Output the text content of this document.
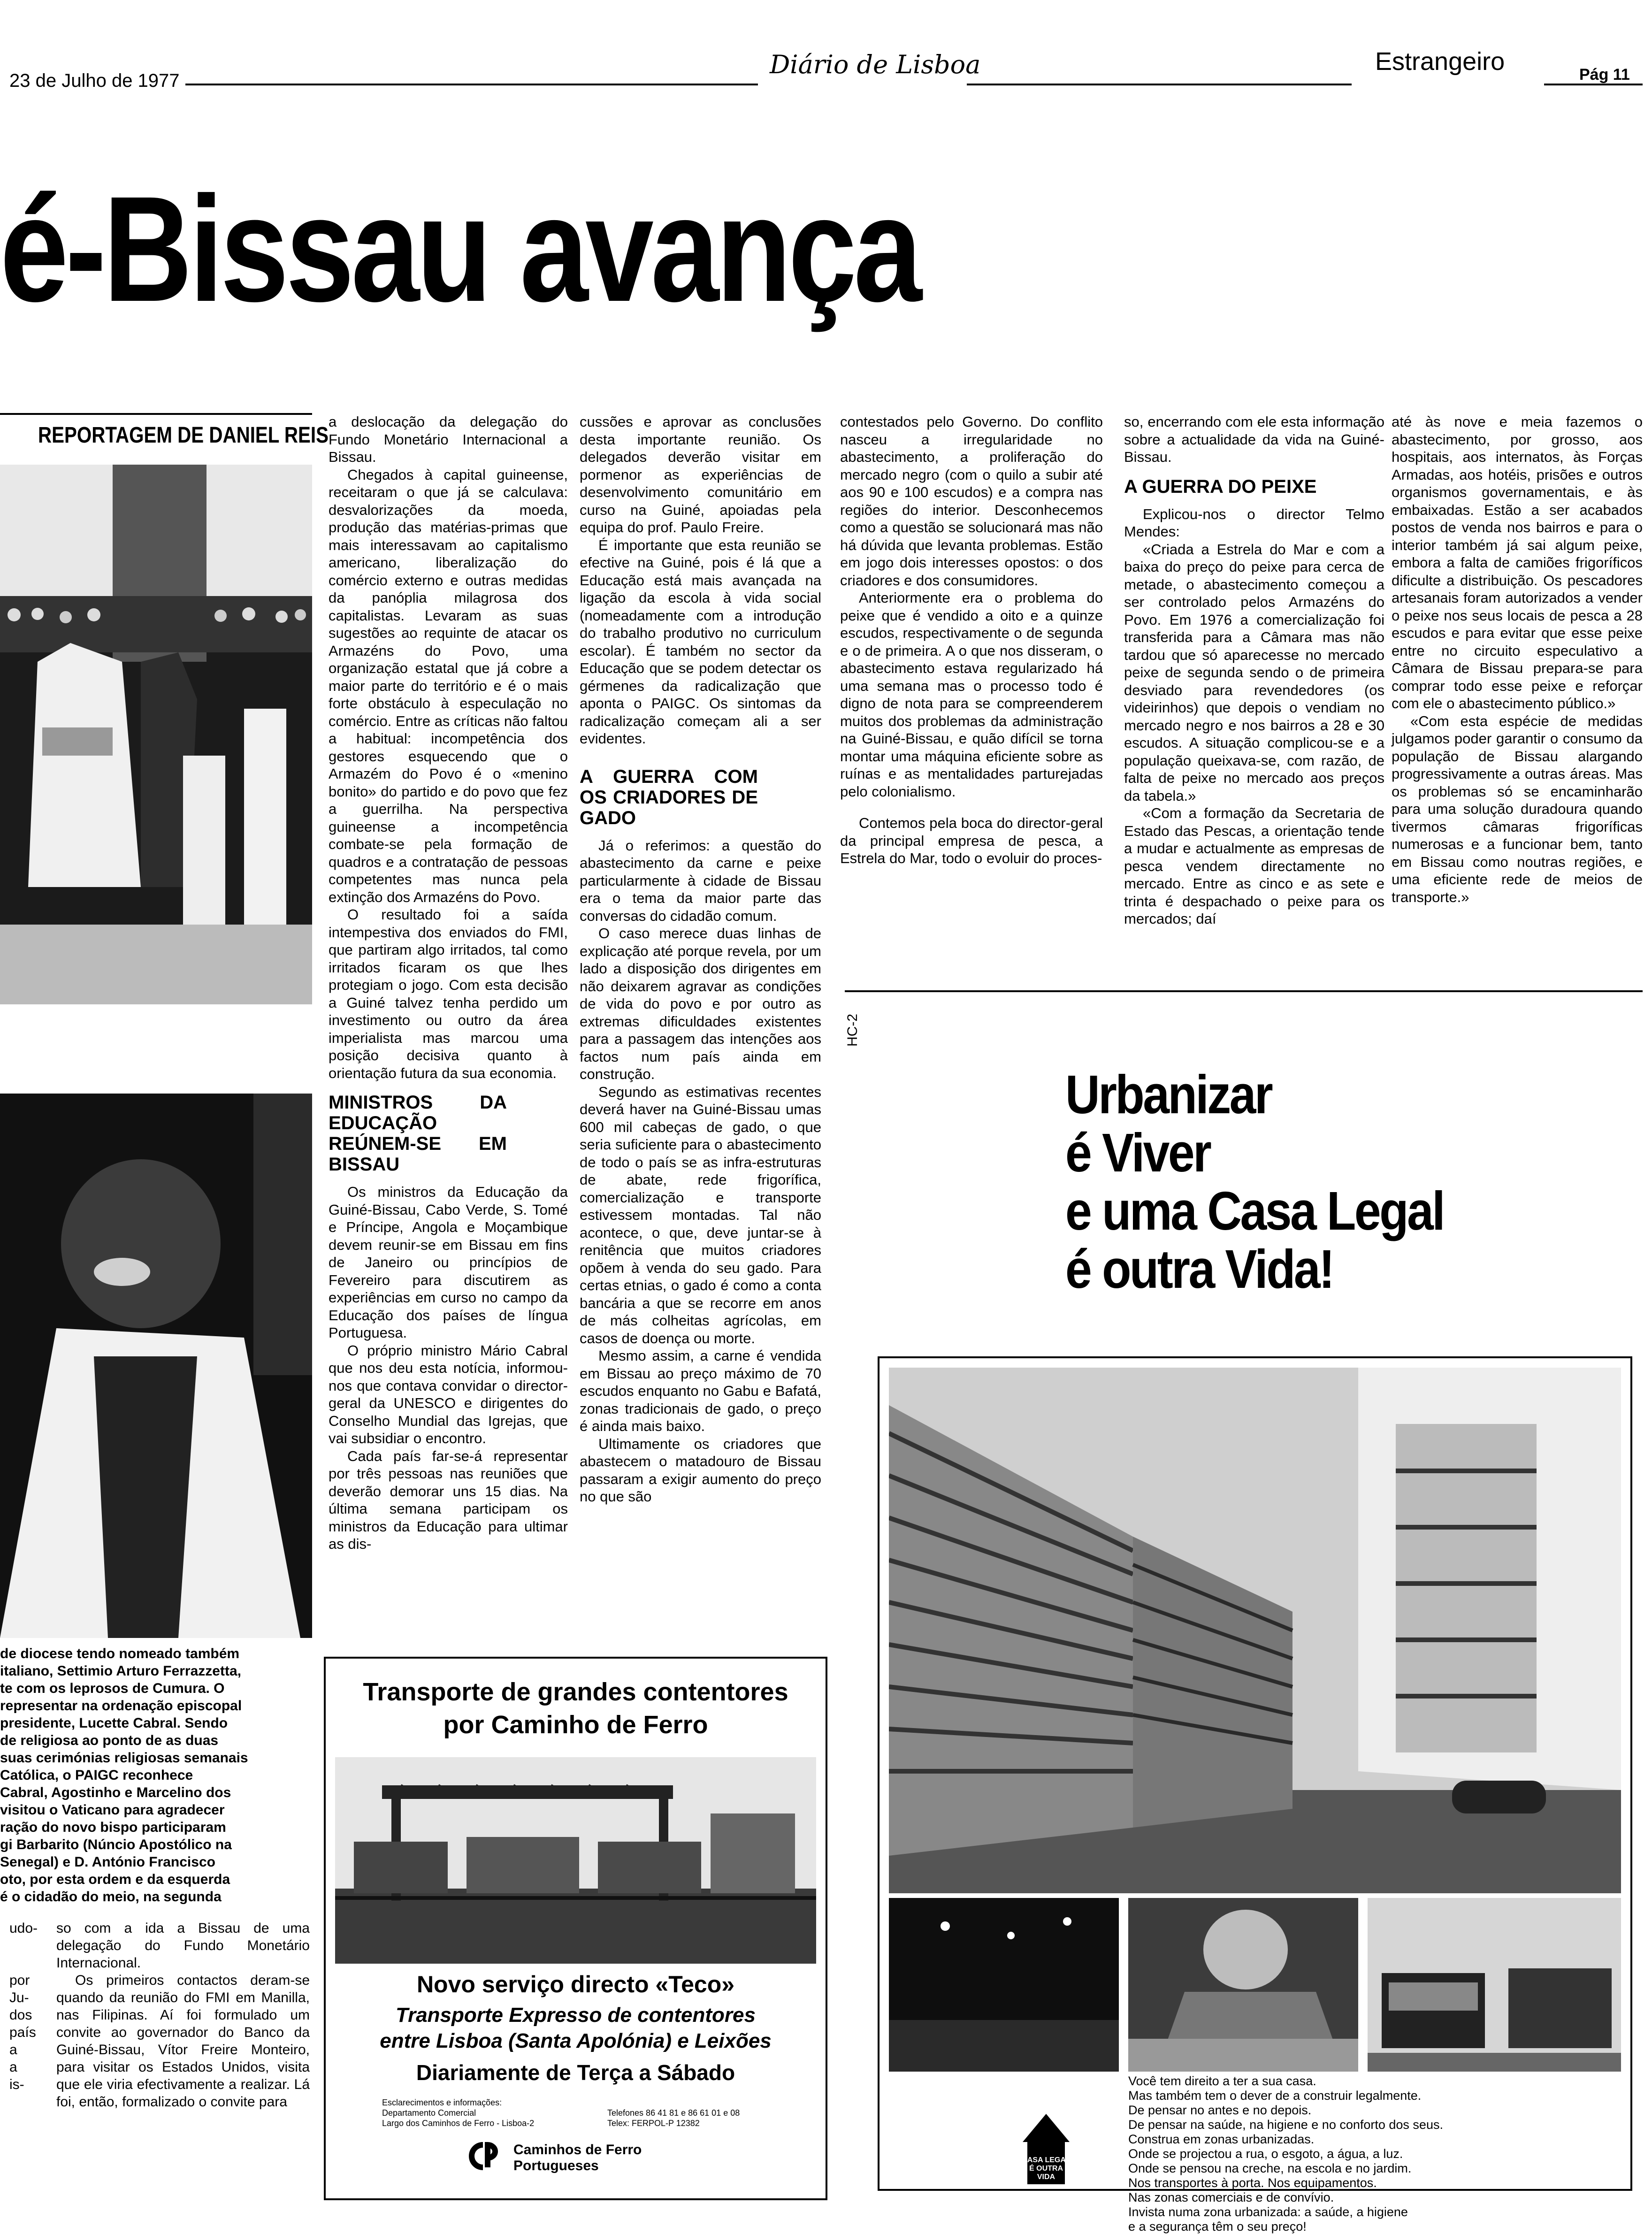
23 de Julho de 1977
Diário de Lisboa	Estrangeiro	Pág 11
é-Bissau avança
REPORTAGEM DE DANIEL REIS
de diocese tendo nomeado também
italiano, Settimio Arturo Ferrazzetta,
te com os leprosos de Cumura. O
representar na ordenação episcopal
presidente, Lucette Cabral. Sendo
de religiosa ao ponto de as duas
suas cerimónias religiosas semanais
Católica, o PAIGC reconhece
Cabral, Agostinho e Marcelino dos
visitou o Vaticano para agradecer
ração do novo bispo participaram
gi Barbarito (Núncio Apostólico na
Senegal) e D. António Francisco
oto, por esta ordem e da esquerda
é o cidadão do meio, na segunda
udo-
por
Ju-
dos
país
a
a
is-

so com a ida a Bissau de uma delegação do Fundo Monetário Internacional.

Os primeiros contactos deram-se quando da reunião do FMI em Manilla, nas Filipinas. Aí foi formulado um convite ao governador do Banco da Guiné-Bissau, Vítor Freire Monteiro, para visitar os Estados Unidos, visita que ele viria efectivamente a realizar. Lá foi, então, formalizado o convite para

a deslocação da delegação do Fundo Monetário Internacional a Bissau.

Chegados à capital guineense, receitaram o que já se calculava: desvalorizações da moeda, produção das matérias-primas que mais interessavam ao capitalismo americano, liberalização do comércio externo e outras medidas da panóplia milagrosa dos capitalistas. Levaram as suas sugestões ao requinte de atacar os Armazéns do Povo, uma organização estatal que já cobre a maior parte do território e é o mais forte obstáculo à especulação no comércio. Entre as críticas não faltou a habitual: incompetência dos gestores esquecendo que o Armazém do Povo é o «menino bonito» do partido e do povo que fez a guerrilha. Na perspectiva guineense a incompetência combate-se pela formação de quadros e a contratação de pessoas competentes mas nunca pela extinção dos Armazéns do Povo.

O resultado foi a saída intempestiva dos enviados do FMI, que partiram algo irritados, tal como irritados ficaram os que lhes protegiam o jogo. Com esta decisão a Guiné talvez tenha perdido um investimento ou outro da área imperialista mas marcou uma posição decisiva quanto à orientação futura da sua economia.

MINISTROS DA EDUCAÇÃO REÚNEM-SE EM BISSAU

Os ministros da Educação da Guiné-Bissau, Cabo Verde, S. Tomé e Príncipe, Angola e Moçambique devem reunir-se em Bissau em fins de Janeiro ou princípios de Fevereiro para discutirem as experiências em curso no campo da Educação dos países de língua Portuguesa.

O próprio ministro Mário Cabral que nos deu esta notícia, informou-nos que contava convidar o director-geral da UNESCO e dirigentes do Conselho Mundial das Igrejas, que vai subsidiar o encontro.

Cada país far-se-á representar por três pessoas nas reuniões que deverão demorar uns 15 dias. Na última semana participam os ministros da Educação para ultimar as dis-

cussões e aprovar as conclusões desta importante reunião. Os delegados deverão visitar em pormenor as experiências de desenvolvimento comunitário em curso na Guiné, apoiadas pela equipa do prof. Paulo Freire.

É importante que esta reunião se efective na Guiné, pois é lá que a Educação está mais avançada na ligação da escola à vida social (nomeadamente com a introdução do trabalho produtivo no curriculum escolar). É também no sector da Educação que se podem detectar os gérmenes da radicalização que aponta o PAIGC. Os sintomas da radicalização começam ali a ser evidentes.

A GUERRA COM OS CRIADORES DE GADO

Já o referimos: a questão do abastecimento da carne e peixe particularmente à cidade de Bissau era o tema da maior parte das conversas do cidadão comum.

O caso merece duas linhas de explicação até porque revela, por um lado a disposição dos dirigentes em não deixarem agravar as condições de vida do povo e por outro as extremas dificuldades existentes para a passagem das intenções aos factos num país ainda em construção.

Segundo as estimativas recentes deverá haver na Guiné-Bissau umas 600 mil cabeças de gado, o que seria suficiente para o abastecimento de todo o país se as infra-estruturas de abate, rede frigorífica, comercialização e transporte estivessem montadas. Tal não acontece, o que, deve juntar-se à renitência que muitos criadores opõem à venda do seu gado. Para certas etnias, o gado é como a conta bancária a que se recorre em anos de más colheitas agrícolas, em casos de doença ou morte.

Mesmo assim, a carne é vendida em Bissau ao preço máximo de 70 escudos enquanto no Gabu e Bafatá, zonas tradicionais de gado, o preço é ainda mais baixo.

Ultimamente os criadores que abastecem o matadouro de Bissau passaram a exigir aumento do preço no que são

HC-2

contestados pelo Governo. Do conflito nasceu a irregularidade no abastecimento, a proliferação do mercado negro (com o quilo a subir até aos 90 e 100 escudos) e a compra nas regiões do interior. Desconhecemos como a questão se solucionará mas não há dúvida que levanta problemas. Estão em jogo dois interesses opostos: o dos criadores e dos consumidores.

Anteriormente era o problema do peixe que é vendido a oito e a quinze escudos, respectivamente o de segunda e o de primeira. A o que nos disseram, o abastecimento estava regularizado há uma semana mas o processo todo é digno de nota para se compreenderem muitos dos problemas da administração na Guiné-Bissau, e quão difícil se torna montar uma máquina eficiente sobre as ruínas e as mentalidades parturejadas pelo colonialismo.

Contemos pela boca do director-geral da principal empresa de pesca, a Estrela do Mar, todo o evoluir do proces-

so, encerrando com ele esta informação sobre a actualidade da vida na Guiné-Bissau.

A GUERRA DO PEIXE

Explicou-nos o director Telmo Mendes:

«Criada a Estrela do Mar e com a baixa do preço do peixe para cerca de metade, o abastecimento começou a ser controlado pelos Armazéns do Povo. Em 1976 a comercialização foi transferida para a Câmara mas não tardou que só aparecesse no mercado peixe de segunda sendo o de primeira desviado para revendedores (os videirinhos) que depois o vendiam no mercado negro e nos bairros a 28 e 30 escudos. A situação complicou-se e a população queixava-se, com razão, de falta de peixe no mercado aos preços da tabela.»

«Com a formação da Secretaria de Estado das Pescas, a orientação tende a mudar e actualmente as empresas de pesca vendem directamente no mercado. Entre as cinco e as sete e trinta é despachado o peixe para os mercados; daí

até às nove e meia fazemos o abastecimento, por grosso, aos hospitais, aos internatos, às Forças Armadas, aos hotéis, prisões e outros organismos governamentais, e às embaixadas. Estão a ser acabados postos de venda nos bairros e para o interior também já sai algum peixe, embora a falta de camiões frigoríficos dificulte a distribuição. Os pescadores artesanais foram autorizados a vender o peixe nos seus locais de pesca a 28 escudos e para evitar que esse peixe entre no circuito especulativo a Câmara de Bissau prepara-se para comprar todo esse peixe e reforçar com ele o abastecimento público.»

«Com esta espécie de medidas julgamos poder garantir o consumo da população de Bissau alargando progressivamente a outras áreas. Mas os problemas só se encaminharão para uma solução duradoura quando tivermos câmaras frigoríficas numerosas e a funcionar bem, tanto em Bissau como noutras regiões, e uma eficiente rede de meios de transporte.»

Transporte de grandes contentores
por Caminho de Ferro
Novo serviço directo «Teco»
Transporte Expresso de contentores
entre Lisboa (Santa Apolónia) e Leixões
Diariamente de Terça a Sábado
Esclarecimentos e informações:
Departamento Comercial
Largo dos Caminhos de Ferro - Lisboa-2
Telefones 86 41 81 e 86 61 01 e 08
Telex: FERPOL-P 12382
Caminhos de Ferro
Portugueses
Urbanizar
é Viver
e uma Casa Legal
é outra Vida!
CASA LEGAL
É OUTRA VIDA
Você tem direito a ter a sua casa.
Mas também tem o dever de a construir legalmente.
De pensar no antes e no depois.
De pensar na saúde, na higiene e no conforto dos seus.
Construa em zonas urbanizadas.
Onde se projectou a rua, o esgoto, a água, a luz.
Onde se pensou na creche, na escola e no jardim.
Nos transportes à porta. Nos equipamentos.
Nas zonas comerciais e de convívio.
Invista numa zona urbanizada: a saúde, a higiene
e a segurança têm o seu preço!
